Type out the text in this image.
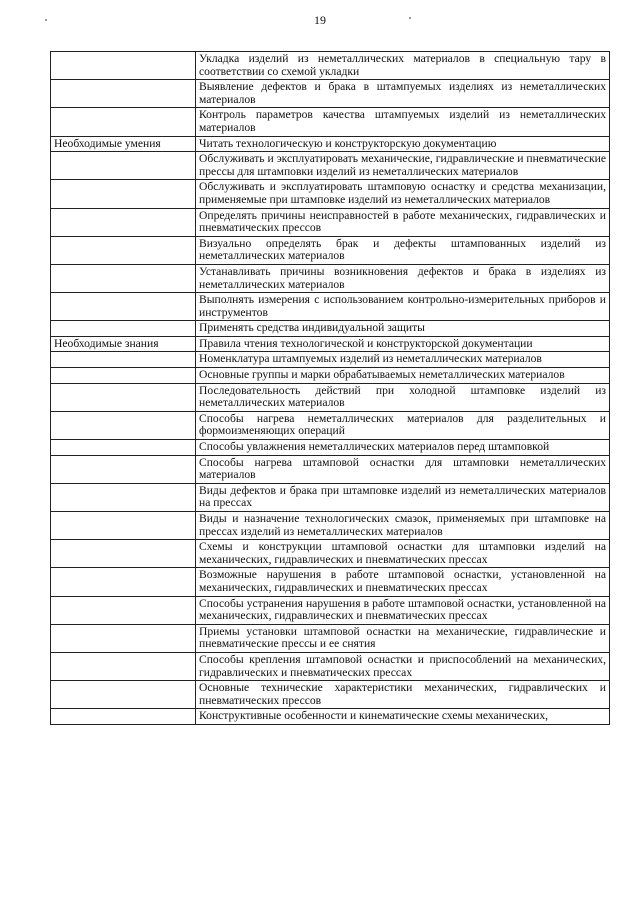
19
	Укладка изделий из неметаллических материалов в специальную тару в соответствии со схемой укладки
	Выявление дефектов и брака в штампуемых изделиях из неметаллических материалов
	Контроль параметров качества штампуемых изделий из неметаллических материалов
Необходимые умения	Читать технологическую и конструкторскую документацию
	Обслуживать и эксплуатировать механические, гидравлические и пневматические прессы для штамповки изделий из неметаллических материалов
	Обслуживать и эксплуатировать штамповую оснастку и средства механизации, применяемые при штамповке изделий из неметаллических материалов
	Определять причины неисправностей в работе механических, гидравлических и пневматических прессов
	Визуально определять брак и дефекты штампованных изделий из неметаллических материалов
	Устанавливать причины возникновения дефектов и брака в изделиях из неметаллических материалов
	Выполнять измерения с использованием контрольно-измерительных приборов и инструментов
	Применять средства индивидуальной защиты
Необходимые знания	Правила чтения технологической и конструкторской документации
	Номенклатура штампуемых изделий из неметаллических материалов
	Основные группы и марки обрабатываемых неметаллических материалов
	Последовательность действий при холодной штамповке изделий из неметаллических материалов
	Способы нагрева неметаллических материалов для разделительных и формоизменяющих операций
	Способы увлажнения неметаллических материалов перед штамповкой
	Способы нагрева штамповой оснастки для штамповки неметаллических материалов
	Виды дефектов и брака при штамповке изделий из неметаллических материалов на прессах
	Виды и назначение технологических смазок, применяемых при штамповке на прессах изделий из неметаллических материалов
	Схемы и конструкции штамповой оснастки для штамповки изделий на механических, гидравлических и пневматических прессах
	Возможные нарушения в работе штамповой оснастки, установленной на механических, гидравлических и пневматических прессах
	Способы устранения нарушения в работе штамповой оснастки, установленной на механических, гидравлических и пневматических прессах
	Приемы установки штамповой оснастки на механические, гидравлические и пневматические прессы и ее снятия
	Способы крепления штамповой оснастки и приспособлений на механических, гидравлических и пневматических прессах
	Основные технические характеристики механических, гидравлических и пневматических прессов
	Конструктивные особенности и кинематические схемы механических,
